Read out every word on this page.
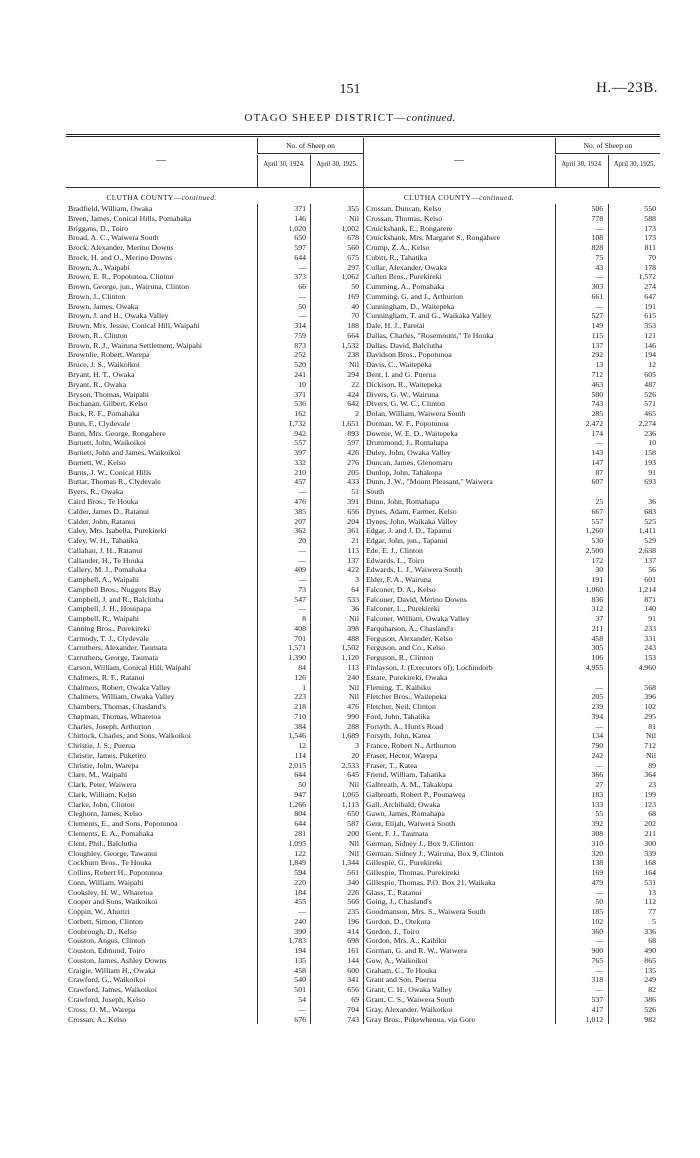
151	H.—23B.
OTAGO SHEEP DISTRICT—continued.
—
No. of Sheep on
April 30, 1924.	April 30, 1925.
CLUTHA COUNTY—continued.
Bradfield, William, Owaka	371	355
Breen, James, Conical Hills, Pomahaka	146	Nil
Briggans, D., Toiro	1,020	1,002
Broad, A. C., Waiwera South	650	678
Brock, Alexander, Merino Downs	597	560
Brock, H. and O., Merino Downs	644	675
Brown, A., Waipahi	—	297
Brown, E. R., Popotunoa, Clinton	373	1,062
Brown, George, jun., Wairuna, Clinton	66	50
Brown, J., Clinton	—	169
Brown, James, Owaka	50	40
Brown, J. and H., Owaka Valley	—	70
Brown, Mrs. Jessie, Conical Hill, Waipahi	314	188
Brown, R., Clinton	759	664
Brown, R. J., Wairuna Settlement, Waipahi	873	1,532
Brownlie, Robert, Warepa	252	238
Bruce, J. S., Waikoikoi	520	Nil
Bryant, H. T., Owaka	241	294
Bryant, R., Owaka	10	22
Bryson, Thomas, Waipahi	371	424
Buchanan, Gilbert, Kelso	536	642
Buck, R. F., Pomahaka	162	2
Bunn, F., Clydevale	1,732	1,651
Bunn, Mrs. George, Rongahere	942	893
Burnett, John, Waikoikoi	557	597
Burnett, John and James, Waikoikoi	397	426
Burnett, W., Kelso	332	276
Burns, J. W., Conical Hills	210	205
Buttar, Thomas R., Clydevale	457	433
Byers, R., Owaka	—	51
Caird Bros., Te Houka	476	391
Calder, James D., Ratanui	385	656
Calder, John, Ratanui	207	204
Caley, Mrs. Isabella, Purekireki	362	361
Caley, W. H., Tahatika	20	21
Callahan, J. H., Ratanui	—	113
Callander, H., Te Houka	—	137
Callery, M. J., Pomahaka	409	422
Campbell, A., Waipahi	—	3
Campbell Bros., Nuggets Bay	73	64
Campbell, J. and R., Balclutha	547	533
Campbell, J. H., Houipapa	—	36
Campbell, R., Waipahi	8	Nil
Canning Bros., Purekireki	408	398
Carmody, T. J., Clydevale	701	488
Carruthers, Alexander, Taumata	1,571	1,502
Carruthers, George, Taumata	1,390	1,120
Carson, William, Conical Hill, Waipahi	84	113
Chalmers, R. F., Ratanui	126	240
Chalmers, Robert, Owaka Valley	1	Nil
Chalmers, William, Owaka Valley	223	Nil
Chambers, Thomas, Chasland's	218	476
Chapman, Thomas, Wharetoa	710	990
Charles, Joseph, Arthurton	384	288
Chittock, Charles, and Sons, Waikoikoi	1,546	1,689
Christie, J. S., Puerua	12	3
Christie, James, Puketiro	114	20
Christie, John, Warepa	2,015	2,533
Clare, M., Waipahi	644	645
Clark, Peter, Waiwera	50	Nil
Clark, William, Kelso	947	1,065
Clarke, John, Clinton	1,266	1,113
Cleghorn, James, Kelso	804	650
Clements, E., and Sons, Popotunoa	644	587
Clements, E. A., Pomahaka	281	200
Clent, Phil., Balclutha	1,095	Nil
Cloughley, George, Tawanui	122	Nil
Cockburn Bros., Te Houka	1,849	1,344
Collins, Robert H., Popotunoa	594	561
Conn, William, Waipahi	220	340
Cooksley, H. W., Wharetoa	184	226
Cooper and Sons, Waikoikoi	455	566
Coppin, W., Ahuriri	—	235
Corbett, Simon, Clinton	240	196
Coubrough, D., Kelso	390	414
Couston, Angus, Clinton	1,783	698
Couston, Edmund, Toiro	194	161
Couston, James, Ashley Downs	135	144
Craigie, William H., Owaka	458	600
Crawford, G., Waikoikoi	540	341
Crawford, James, Waikoikoi	501	656
Crawford, Joseph, Kelso	54	69
Cross, O. M., Warepa	—	704
Crossan, A., Kelso	676	743
—
No. of Sheep on
April 30, 1924.	April 30, 1925.
CLUTHA COUNTY—continued.
Crossan, Duncan, Kelso	506	550
Crossan, Thomas, Kelso	778	588
Cruickshank, E., Rongarere	—	173
Cruickshank, Mrs. Margaret S., Rongahere	108	173
Crump, Z. A., Kelso	828	811
Cubitt, R., Tahatika	75	70
Cullar, Alexander, Owaka	43	178
Cullen Bros., Purekireki	—	1,572
Cumming, A., Pomahaka	303	274
Cumming, G. and J., Arthurton	661	647
Cunningham, D., Waitepeka	—	191
Cunningham, T. and G., Waikaka Valley	527	615
Dale, H. J., Paretai	149	353
Dallas, Charles, "Rosemount," Te Houka	115	121
Dallas, David, Balclutha	137	146
Davidson Bros., Popotunoa	292	194
Davis, C., Waitepeka	13	12
Dent, I. and G. Puerua	712	605
Dickison, R., Waitepeka	463	487
Divers, G. W., Wairuna	580	526
Divers, G. W. C., Clinton	743	571
Dolan, William, Waiwera South	285	465
Dorman, W. F., Popotunoa	2,472	2,274
Downie, W. E. D., Waitepeka	174	236
Drummond, J., Romahapa	—	10
Duley, John, Owaka Valley	143	158
Duncan, James, Glenomaru	147	193
Dunlop, John, Tahakopa	87	91
Dunn, J. W., "Mount Pleasant," Waiwera	607	693
South
Dunn, John, Romahapa	25	36
Dynes, Adam, Farmer, Kelso	667	683
Dynes, John, Waikaka Valley	557	525
Edgar, J. and J. D., Tapanui	1,260	1,411
Edgar, John, jun., Tapanui	530	529
Ede, E. J., Clinton	2,500	2,638
Edwards, L., Toiro	172	137
Edwards, L. J., Waiwera South	30	56
Elder, F. A., Wairuna	191	601
Falconer, D. A., Kelso	1,060	1,214
Falconer, David, Merino Downs	836	871
Falconer, L., Purekireki	312	140
Falconer, William, Owaka Valley	37	91
Farquharson, A., Chasland's	211	233
Ferguson, Alexander, Kelso	458	331
Ferguson, and Co., Kelso	305	243
Ferguson, R., Clinton	106	153
Finlayson, J. (Executors of), Lochindorb	4,955	4,960
Estate, Purekireki, Owaka
Fleming, T., Kaihiku	—	568
Fletcher Bros., Waitepeka	205	396
Fletcher, Neil, Clinton	239	102
Ford, John, Tahatika	394	295
Forsyth, A., Hunt's Road	—	81
Forsyth, John, Katea	134	Nil
France, Robert N., Arthurton	790	712
Fraser, Hector, Warepa	242	Nil
Fraser, T., Katea	—	89
Friend, William, Tahatika	366	364
Galbreath, A. M., Takakopa	27	23
Galbreath, Robert P., Pounawea	183	199
Gall, Archibald, Owaka	133	123
Gawn, James, Romahapa	55	68
Gent, Elijah, Waiwera South	392	202
Gent, F. J., Taumata	308	211
German, Sidney J., Box 9, Clinton	310	300
German, Sidney J., Wairuna, Box 9, Clinton	320	339
Gillespie, G., Purekireki	138	168
Gillespie, Thomas, Purekireki	169	164
Gillespie, Thomas, P.O. Box 21, Waikaka	479	531
Glass, T., Ratanui	—	13
Going, J., Chasland's	50	112
Goodmanson, Mrs. S., Waiwera South	185	77
Gordon, D., Otekura	102	5
Gordon, J., Toiro	360	336
Gordon, Mrs. A., Kaihiku	—	68
Gorman, G. and R. W., Waiwera	900	490
Gow, A., Waikoikoi	765	865
Graham, C., Te Houka	—	135
Grant and Son, Puerua	318	249
Grant, C. H., Owaka Valley	—	82
Grant, C. S., Waiwera South	537	386
Gray, Alexander, Waikoikoi	417	526
Gray Bros., Pukewhenua, via Gore	1,012	982
